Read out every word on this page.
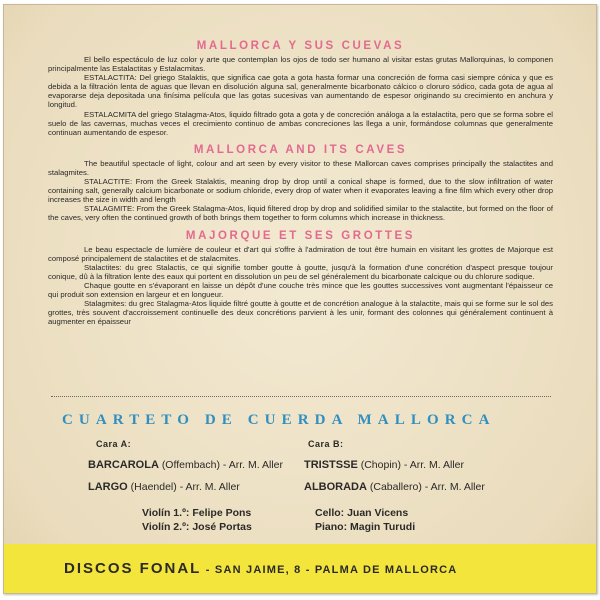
MALLORCA Y SUS CUEVAS

El bello espectáculo de luz color y arte que contemplan los ojos de todo ser humano al visitar estas grutas Mallorquinas, lo componen principalmente las Estalactitas y Estalacmitas.

ESTALACTITA: Del griego Stalaktis, que significa cae gota a gota hasta formar una concreción de forma casi siempre cónica y que es debida a la filtración lenta de aguas que llevan en disolución alguna sal, generalmente bicarbonato cálcico o cloruro sódico, cada gota de agua al evaporarse deja depositada una finísima película que las gotas sucesivas van aumentando de espesor originando su crecimiento en anchura y longitud.

ESTALACMITA del griego Stalagma-Atos, liquido filtrado gota a gota y de concreción análoga a la estalactita, pero que se forma sobre el suelo de las cavernas, muchas veces el crecimiento continuo de ambas concreciones las llega a unir, formándose columnas que generalmente continuan aumentando de espesor.

MALLORCA AND ITS CAVES

The beautiful spectacle of light, colour and art seen by every visitor to these Mallorcan caves comprises principally the stalactites and stalagmites.

STALACTITE: From the Greek Stalaktis, meaning drop by drop until a conical shape is formed, due to the slow infiltration of water containing salt, generally calcium bicarbonate or sodium chloride, every drop of water when it evaporates leaving a fine film which every other drop increases the size in width and length

STALAGMITE: From the Greek Stalagma-Atos, liquid filtered drop by drop and solidified similar to the stalactite, but formed on the floor of the caves, very often the continued growth of both brings them together to form columns which increase in thickness.

MAJORQUE ET SES GROTTES

Le beau espectacle de lumière de couleur et d'art qui s'offre à l'admiration de tout être humain en visitant les grottes de Majorque est composé principalement de stalactites et de stalacmites.

Stalactites: du grec Stalactis, ce qui signifie tomber goutte à goutte, jusqu'à la formation d'une concrétion d'aspect presque toujour conique, dû à la filtration lente des eaux qui portent en dissolution un peu de sel généralement du bicarbonate calcique ou du chlorure sodique.

Chaque goutte en s'évaporant en laisse un dépôt d'une couche très mince que les gouttes successives vont augmentant l'épaisseur ce qui produit son extension en largeur et en longueur.

Stalagmites: du grec Stalagma-Atos liquide filtré goutte à goutte et de concrétion analogue à la stalactite, mais qui se forme sur le sol des grottes, très souvent d'accroissement continuelle des deux concrétions parvient à les unir, formant des colonnes qui généralement continuent à augmenter en épaisseur

CUARTETO DE CUERDA MALLORCA
Cara A:	Cara B:
BARCAROLA (Offembach) - Arr. M. Aller
LARGO (Haendel) - Arr. M. Aller
TRISTSSE (Chopin) - Arr. M. Aller
ALBORADA (Caballero) - Arr. M. Aller
Violín 1.º: Felipe Pons
Violín 2.º: José Portas
Cello: Juan Vicens
Piano: Magin Turudi
DISCOS FONAL - SAN JAIME, 8 - PALMA DE MALLORCA
